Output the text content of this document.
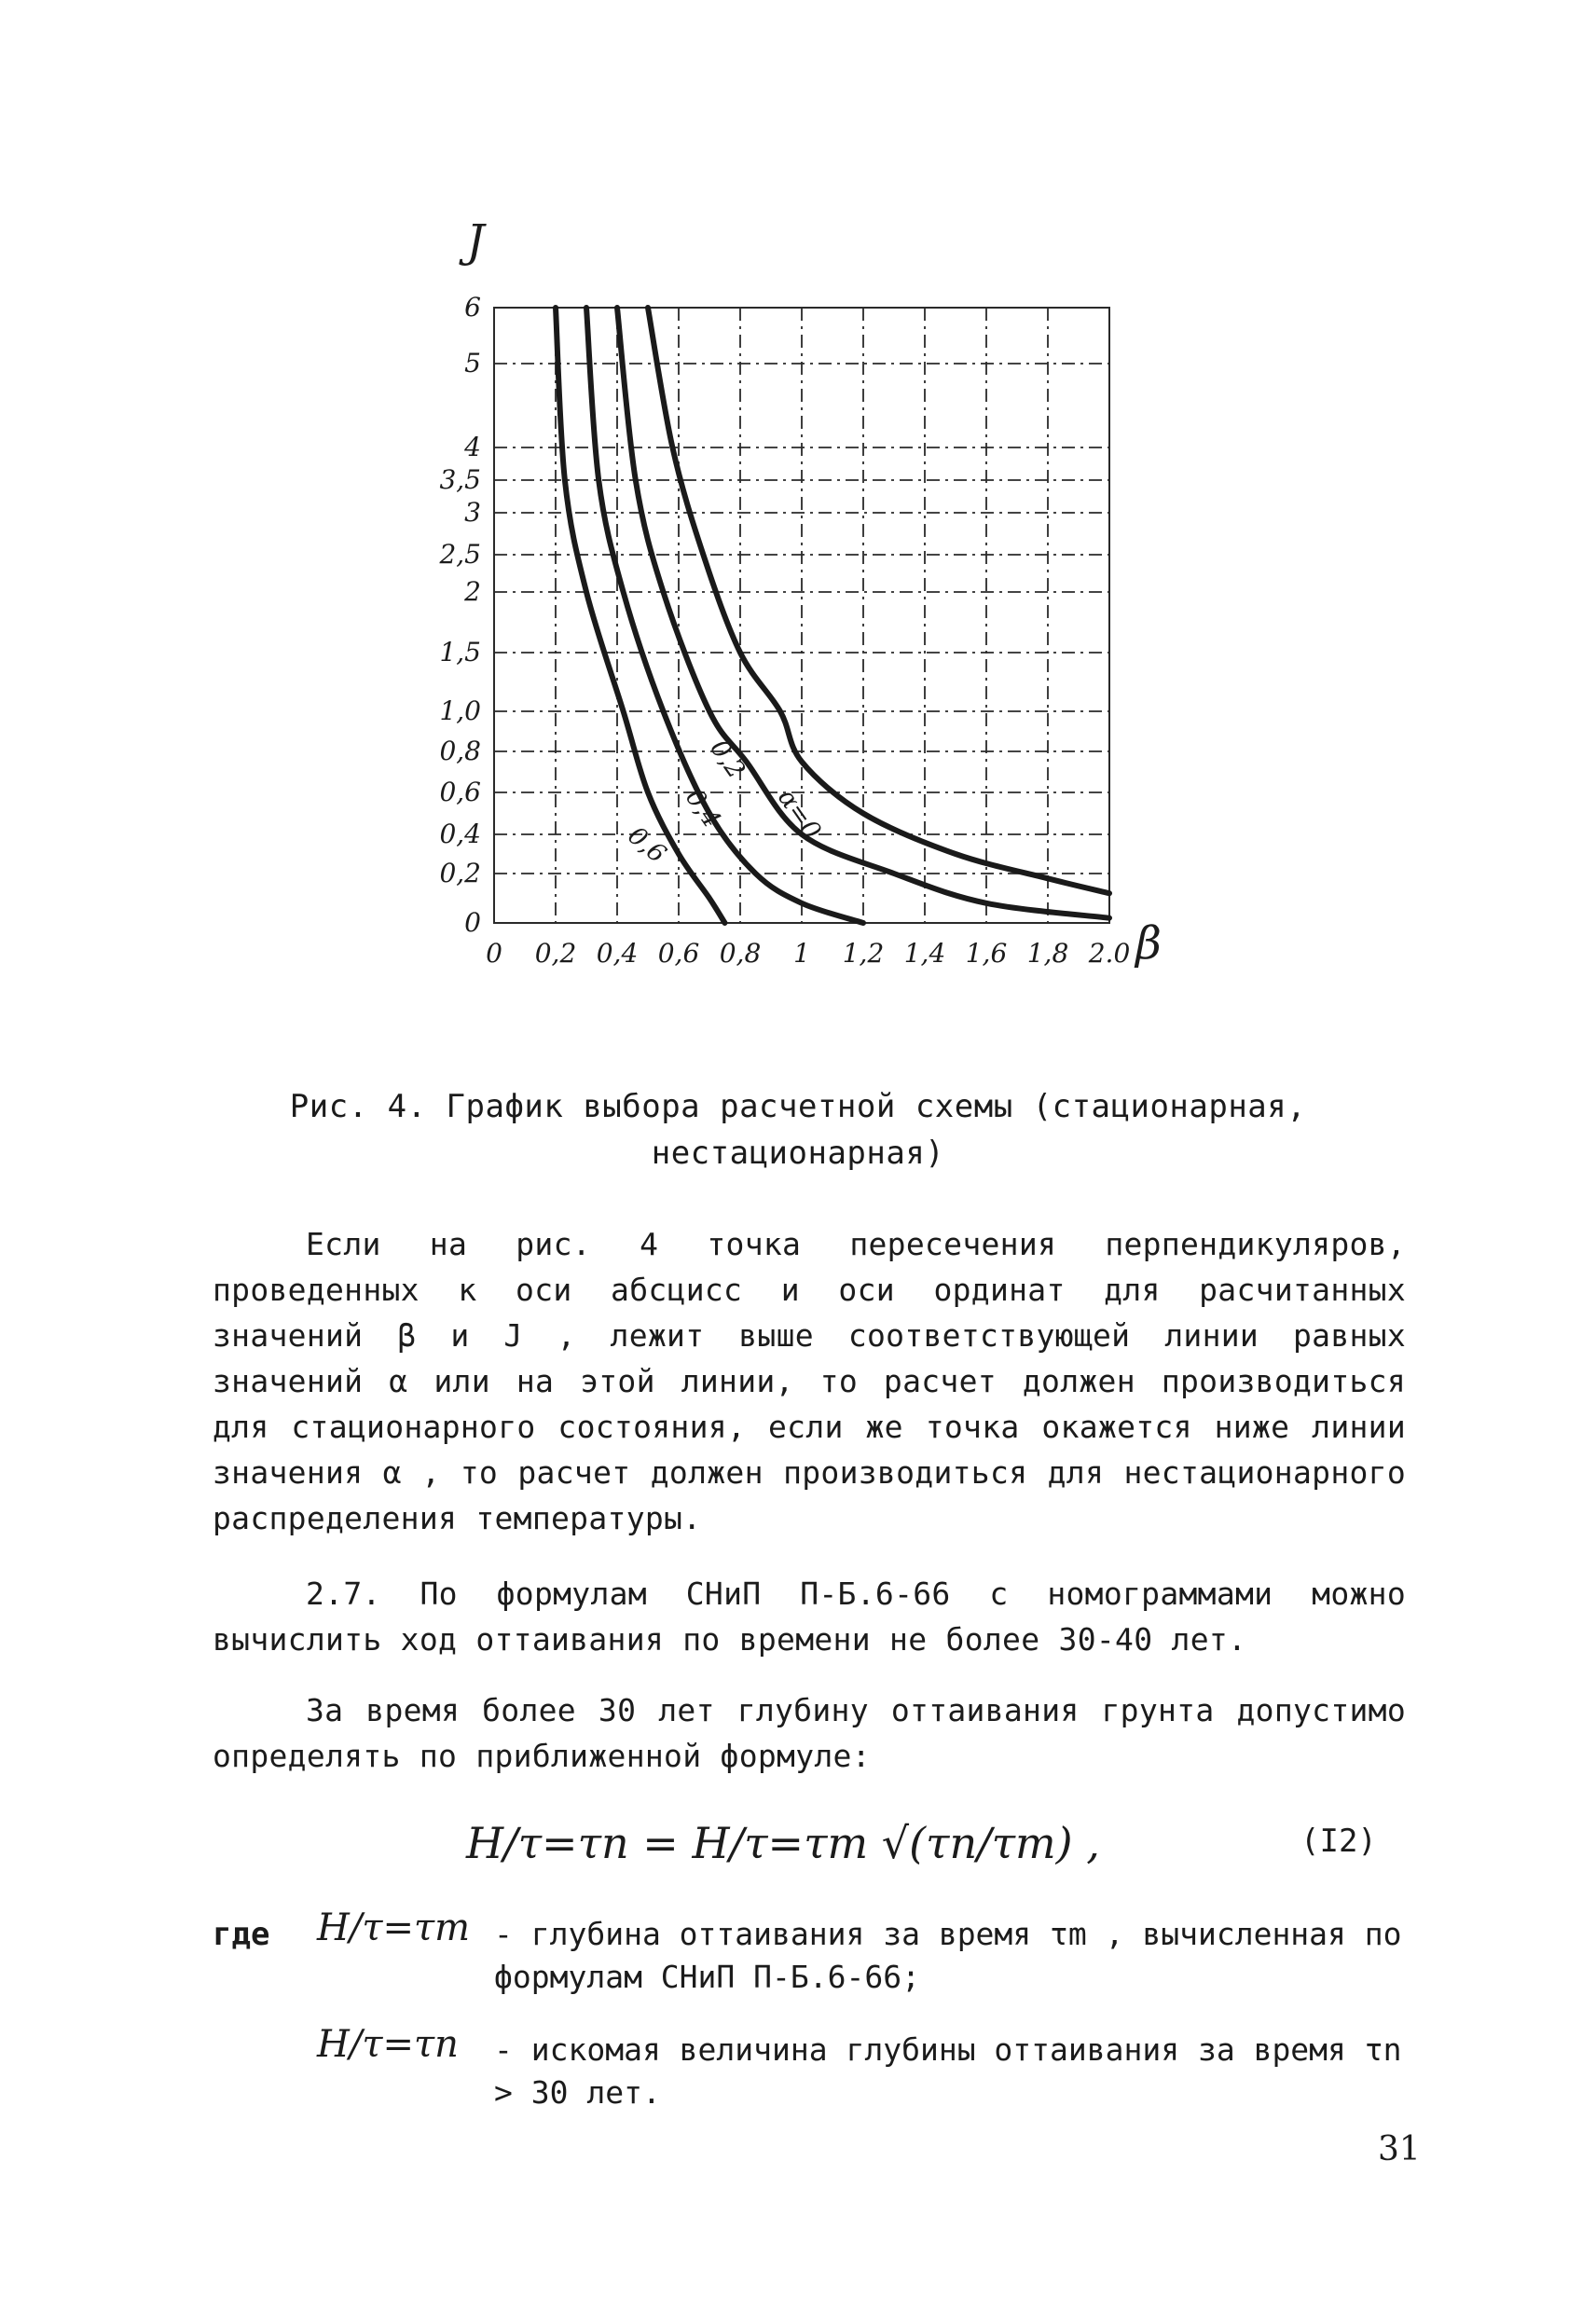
0
0,2
0,4
0,6
0,8
1,0
1,5
2
2,5
3
3,5
4
5
6
0 0,2 0,4 0,6 0,8 1 1,2 1,4 1,6 1,8 2.0
J
β
α=0
0,2
0,4
0,6
Рис. 4. График выбора расчетной схемы (стационарная,
нестационарная)
Если на рис. 4 точка пересечения перпендикуляров, проведенных к оси абсцисс и оси ординат для расчитанных значений β и J , лежит выше соответствующей линии равных значений α или на этой линии, то расчет должен производиться для стационарного состояния, если же точка окажется ниже линии значения α , то расчет должен производиться для нестационарного распределения температуры.
2.7. По формулам СНиП П-Б.6-66 с номограммами можно вычислить ход оттаивания по времени не более 30-40 лет.
За время более 30 лет глубину оттаивания грунта допустимо определять по приближенной формуле:
H/τ=τn = H/τ=τm √(τn/τm) ,	(I2)
где H/τ=τm - глубина оттаивания за время τm , вычисленная по формулам СНиП П-Б.6-66;
H/τ=τn - искомая величина глубины оттаивания за время τn > 30 лет.
31
